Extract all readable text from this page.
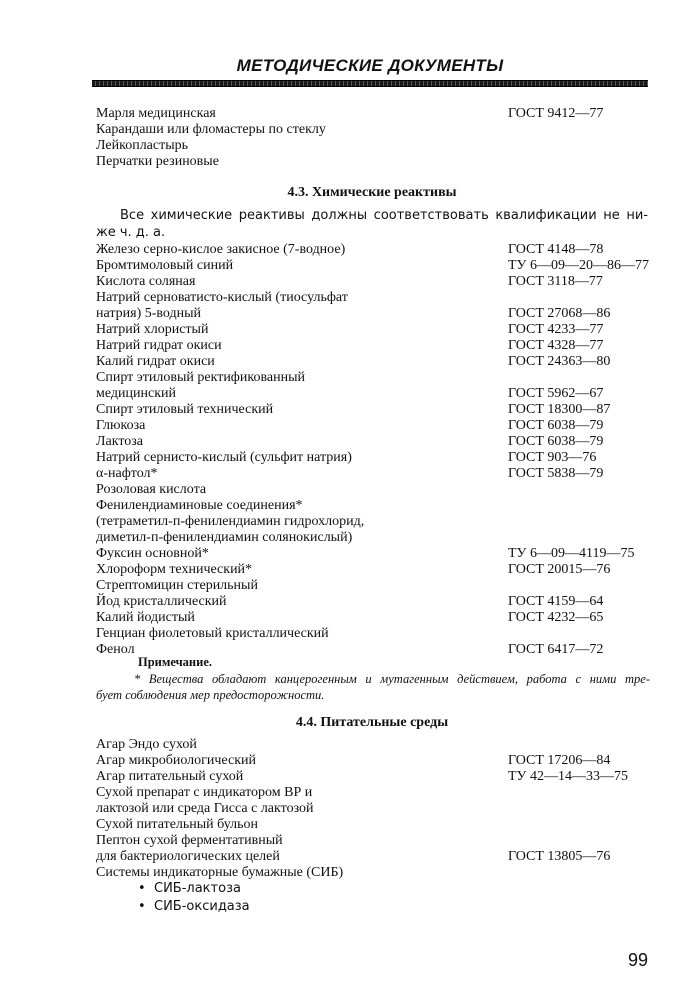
МЕТОДИЧЕСКИЕ ДОКУМЕНТЫ
Марля медицинская	ГОСТ 9412—77
Карандаши или фломастеры по стеклу
Лейкопластырь
Перчатки резиновые
4.3. Химические реактивы
Все химические реактивы должны соответствовать квалификации не ни-
же ч. д. а.
Железо серно-кислое закисное (7-водное)	ГОСТ 4148—78
Бромтимоловый синий	ТУ 6—09—20—86—77
Кислота соляная	ГОСТ 3118—77
Натрий серноватисто-кислый (тиосульфат
натрия) 5-водный	ГОСТ 27068—86
Натрий хлористый	ГОСТ 4233—77
Натрий гидрат окиси	ГОСТ 4328—77
Калий гидрат окиси	ГОСТ 24363—80
Спирт этиловый ректификованный
медицинский	ГОСТ 5962—67
Спирт этиловый технический	ГОСТ 18300—87
Глюкоза	ГОСТ 6038—79
Лактоза	ГОСТ 6038—79
Натрий сернисто-кислый (сульфит натрия)	ГОСТ 903—76
α-нафтол*	ГОСТ 5838—79
Розоловая кислота
Фенилендиаминовые соединения*
(тетраметил-п-фенилендиамин гидрохлорид,
диметил-п-фенилендиамин солянокислый)
Фуксин основной*	ТУ 6—09—4119—75
Хлороформ технический*	ГОСТ 20015—76
Стрептомицин стерильный
Йод кристаллический	ГОСТ 4159—64
Калий йодистый	ГОСТ 4232—65
Генциан фиолетовый кристаллический
Фенол	ГОСТ 6417—72
Примечание.
* Вещества обладают канцерогенным и мутагенным действием, работа с ними тре-
бует соблюдения мер предосторожности.
4.4. Питательные среды
Агар Эндо сухой
Агар микробиологический	ГОСТ 17206—84
Агар питательный сухой	ТУ 42—14—33—75
Сухой препарат с индикатором ВР и
лактозой или среда Гисса с лактозой
Сухой питательный бульон
Пептон сухой ферментативный
для бактериологических целей	ГОСТ 13805—76
Системы индикаторные бумажные (СИБ)
• СИБ-лактоза
• СИБ-оксидаза
99
